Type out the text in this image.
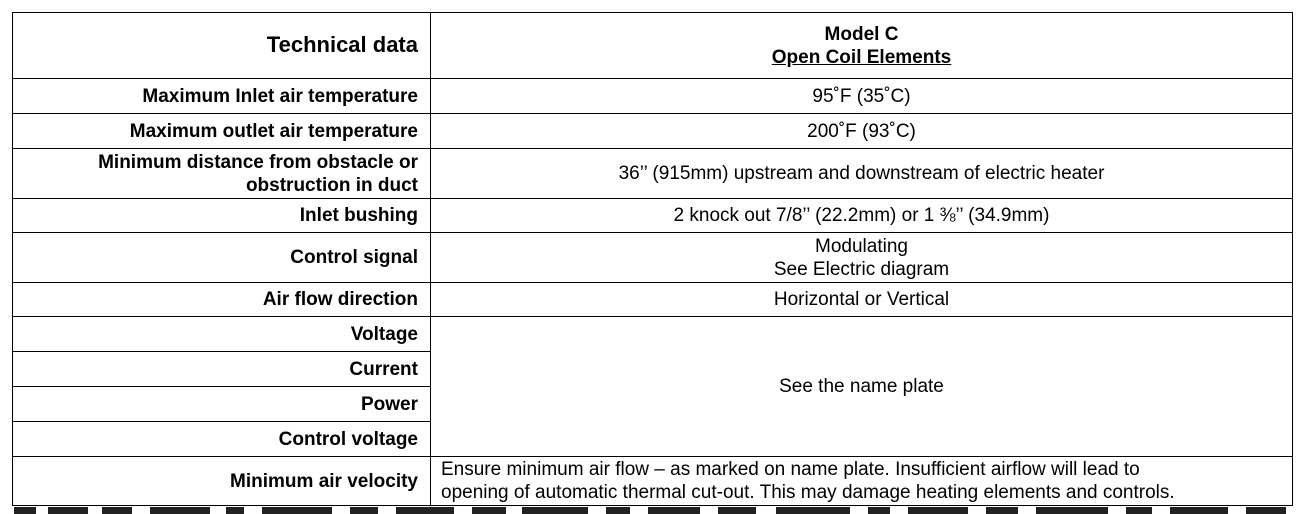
Technical data	Model C
Open Coil Elements

Maximum Inlet air temperature	95˚F (35˚C)
Maximum outlet air temperature	200˚F (93˚C)

Minimum distance from obstacle or
obstruction in duct	36’’ (915mm) upstream and downstream of electric heater
Inlet bushing	2 knock out 7/8’’ (22.2mm) or 1 ⅜’’ (34.9mm)
Control signal	Modulating
See Electric diagram

Air flow direction	Horizontal or Vertical
Voltage	See the name plate
Current	
Power	
Control voltage	
Minimum air velocity	Ensure minimum air flow – as marked on name plate. Insufficient airflow will lead to
opening of automatic thermal cut-out. This may damage heating elements and controls.
